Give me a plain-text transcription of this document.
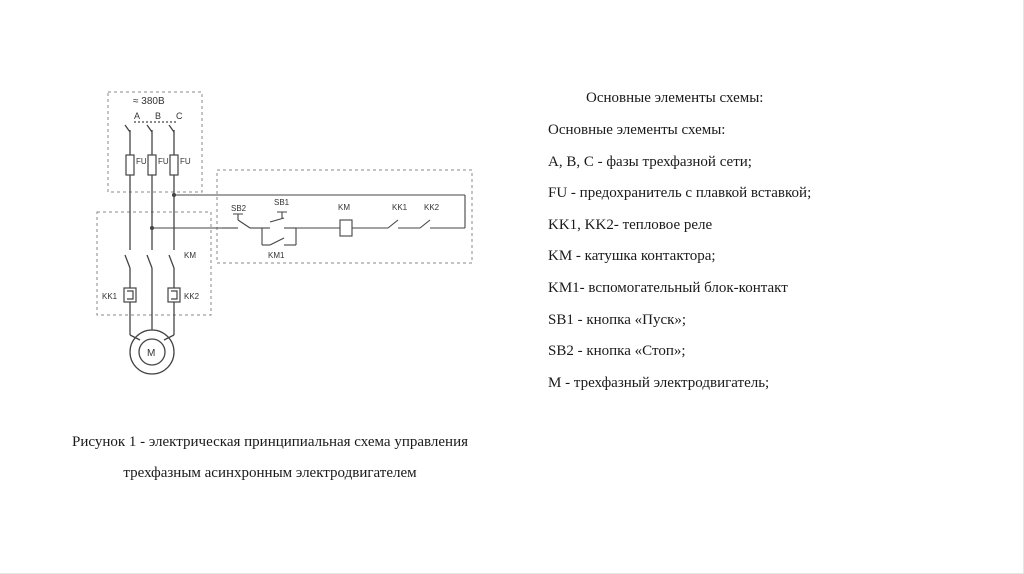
≈ 380В
A B C
FU FU FU
KK1	KK2
KM
M
SB2
SB1
KM	KK1 KK2
KM1
Основные элементы схемы:
Основные элементы схемы:
A, B, C - фазы трехфазной сети;
FU - предохранитель с плавкой вставкой;
KK1, KK2- тепловое реле
KM - катушка контактора;
KM1- вспомогательный блок-контакт
SB1 - кнопка «Пуск»;
SB2 - кнопка «Стоп»;
M - трехфазный электродвигатель;
Рисунок 1 - электрическая принципиальная схема управления
трехфазным асинхронным электродвигателем
